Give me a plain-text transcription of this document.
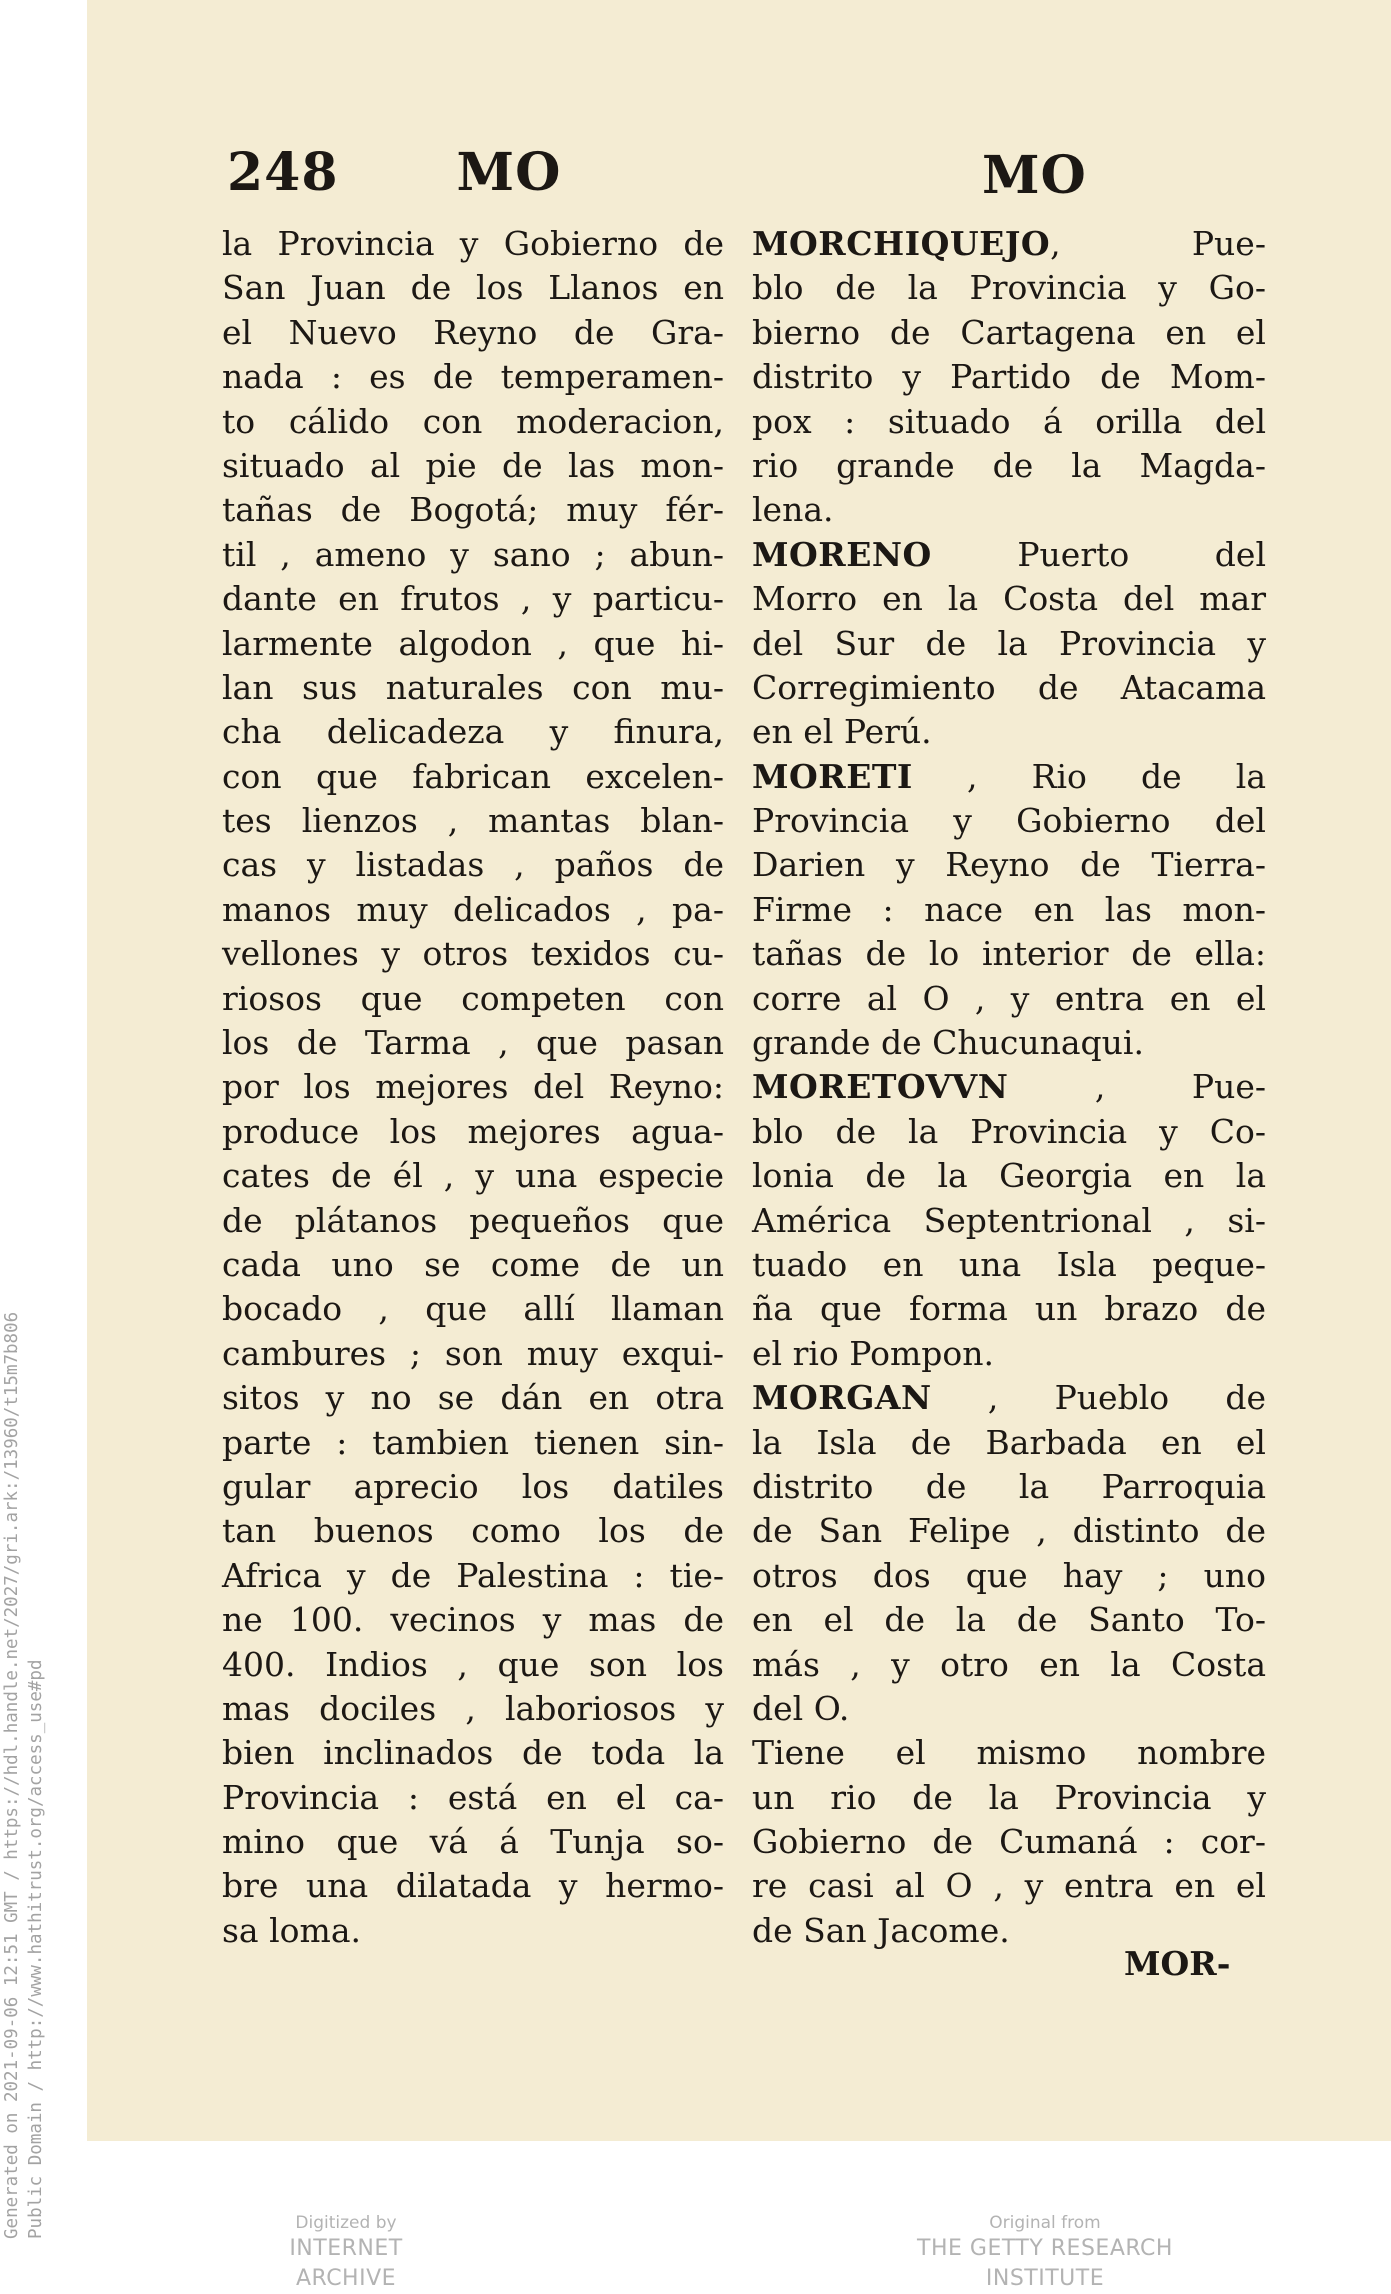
248 MO	MO
la Provincia y Gobierno de
San Juan de los Llanos en
el Nuevo Reyno de Gra-
nada : es de temperamen-
to cálido con moderacion,
situado al pie de las mon-
tañas de Bogotá; muy fér-
til , ameno y sano ; abun-
dante en frutos , y particu-
larmente algodon , que hi-
lan sus naturales con mu-
cha delicadeza y finura,
con que fabrican excelen-
tes lienzos , mantas blan-
cas y listadas , paños de
manos muy delicados , pa-
vellones y otros texidos cu-
riosos que competen con
los de Tarma , que pasan
por los mejores del Reyno:
produce los mejores agua-
cates de él , y una especie
de plátanos pequeños que
cada uno se come de un
bocado , que allí llaman
cambures ; son muy exqui-
sitos y no se dán en otra
parte : tambien tienen sin-
gular aprecio los datiles
tan buenos como los de
Africa y de Palestina : tie-
ne 100. vecinos y mas de
400. Indios , que son los
mas dociles , laboriosos y
bien inclinados de toda la
Provincia : está en el ca-
mino que vá á Tunja so-
bre una dilatada y hermo-
sa loma.
MORCHIQUEJO, Pue-
blo de la Provincia y Go-
bierno de Cartagena en el
distrito y Partido de Mom-
pox : situado á orilla del
rio grande de la Magda-
lena.
MORENO Puerto del
Morro en la Costa del mar
del Sur de la Provincia y
Corregimiento de Atacama
en el Perú.
MORETI , Rio de la
Provincia y Gobierno del
Darien y Reyno de Tierra-
Firme : nace en las mon-
tañas de lo interior de ella:
corre al O , y entra en el
grande de Chucunaqui.
MORETOVVN , Pue-
blo de la Provincia y Co-
lonia de la Georgia en la
América Septentrional , si-
tuado en una Isla peque-
ña que forma un brazo de
el rio Pompon.
MORGAN , Pueblo de
la Isla de Barbada en el
distrito de la Parroquia
de San Felipe , distinto de
otros dos que hay ; uno
en el de la de Santo To-
más , y otro en la Costa
del O.
Tiene el mismo nombre
un rio de la Provincia y
Gobierno de Cumaná : cor-
re casi al O , y entra en el
de San Jacome.
MOR-
Generated on 2021-09-06 12:51 GMT / https://hdl.handle.net/2027/gri.ark:/13960/t15m7b806 Public Domain / http://www.hathitrust.org/access_use#pd	Digitized by
INTERNET ARCHIVE
Original from
THE GETTY RESEARCH INSTITUTE
